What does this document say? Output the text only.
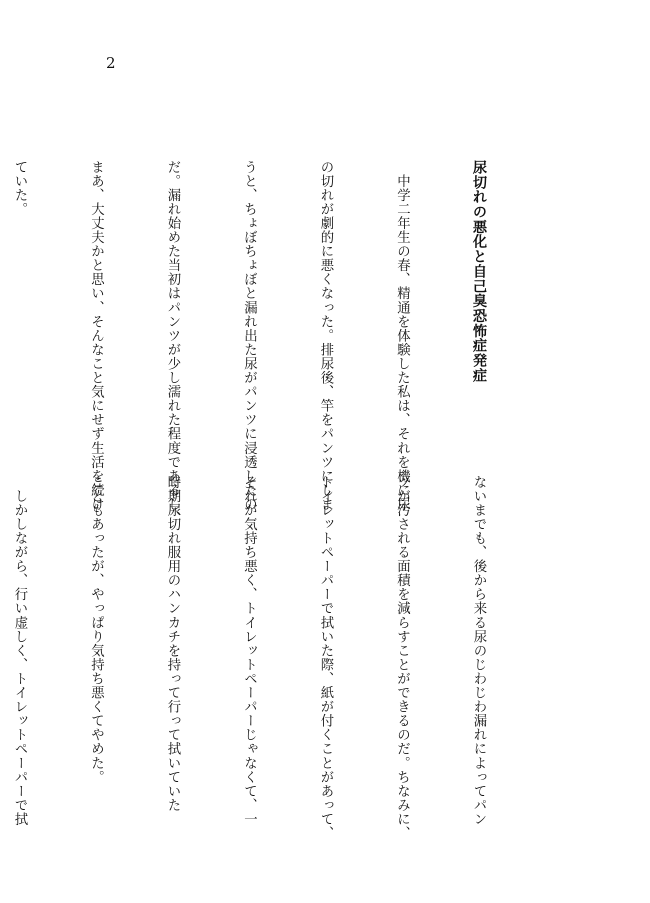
2

尿切れの悪化と自己臭恐怖症発症

　中学二年生の春、精通を体験した私は、それを機に尿

の切れが劇的に悪くなった。排尿後、竿をパンツにしま

うと、ちょぼちょぼと漏れ出た尿がパンツに浸透したの

だ。漏れ始めた当初はパンツが少し濡れた程度であるし、

まあ、大丈夫かと思い、そんなこと気にせず生活を続け

ていた。

ないまでも、後から来る尿のじわじわ漏れによってパン

ツが汚される面積を減らすことができるのだ。ちなみに、

トイレットペーパーで拭いた際、紙が付くことがあって、

それが気持ち悪く、トイレットペーパーじゃなくて、一

時期尿切れ服用のハンカチを持って行って拭いていた

こともあったが、やっぱり気持ち悪くてやめた。

　しかしながら、行い虚しく、トイレットペーパーで拭
